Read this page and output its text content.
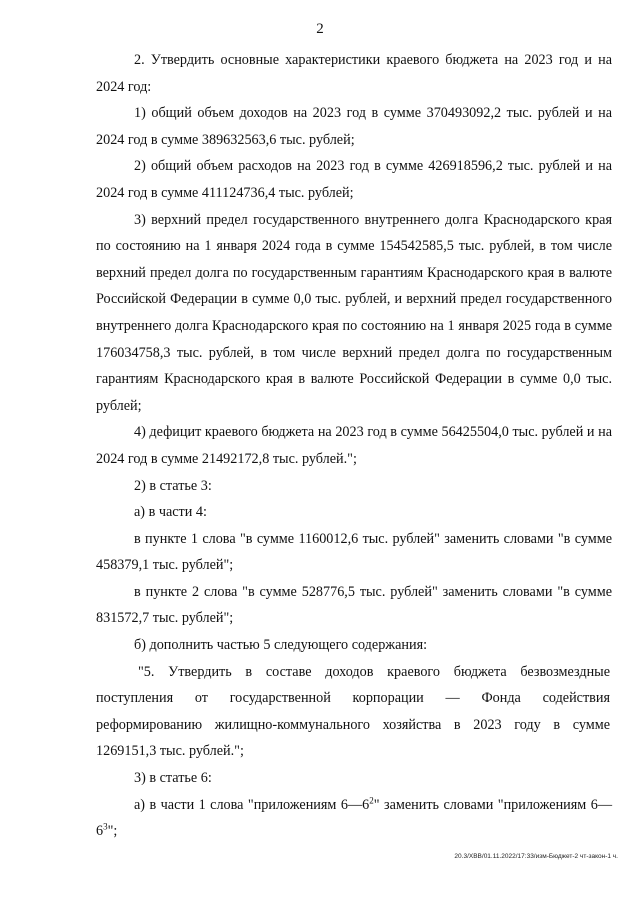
2

2. Утвердить основные характеристики краевого бюджета на 2023 год и на 2024 год:

1) общий объем доходов на 2023 год в сумме 370493092,2 тыс. рублей и на 2024 год в сумме 389632563,6 тыс. рублей;

2) общий объем расходов на 2023 год в сумме 426918596,2 тыс. рублей и на 2024 год в сумме 411124736,4 тыс. рублей;

3) верхний предел государственного внутреннего долга Краснодарского края по состоянию на 1 января 2024 года в сумме 154542585,5 тыс. рублей, в том числе верхний предел долга по государственным гарантиям Краснодарского края в валюте Российской Федерации в сумме 0,0 тыс. рублей, и верхний предел государственного внутреннего долга Краснодарского края по состоянию на 1 января 2025 года в сумме 176034758,3 тыс. рублей, в том числе верхний предел долга по государственным гарантиям Краснодарского края в валюте Российской Федерации в сумме 0,0 тыс. рублей;

4) дефицит краевого бюджета на 2023 год в сумме 56425504,0 тыс. рублей и на 2024 год в сумме 21492172,8 тыс. рублей.";

2) в статье 3:

а) в части 4:

в пункте 1 слова "в сумме 1160012,6 тыс. рублей" заменить словами "в сумме 458379,1 тыс. рублей";

в пункте 2 слова "в сумме 528776,5 тыс. рублей" заменить словами "в сумме 831572,7 тыс. рублей";

б) дополнить частью 5 следующего содержания:

"5. Утвердить в составе доходов краевого бюджета безвозмездные поступления от государственной корпорации — Фонда содействия реформированию жилищно-коммунального хозяйства в 2023 году в сумме 1269151,3 тыс. рублей.";

3) в статье 6:

а) в части 1 слова "приложениям $6—6^2$" заменить словами "приложениям $6—6^3$";

20.3/ХВВ/01.11.2022/17:33/изм-Бюджет-2 чт-закон-1 ч.
